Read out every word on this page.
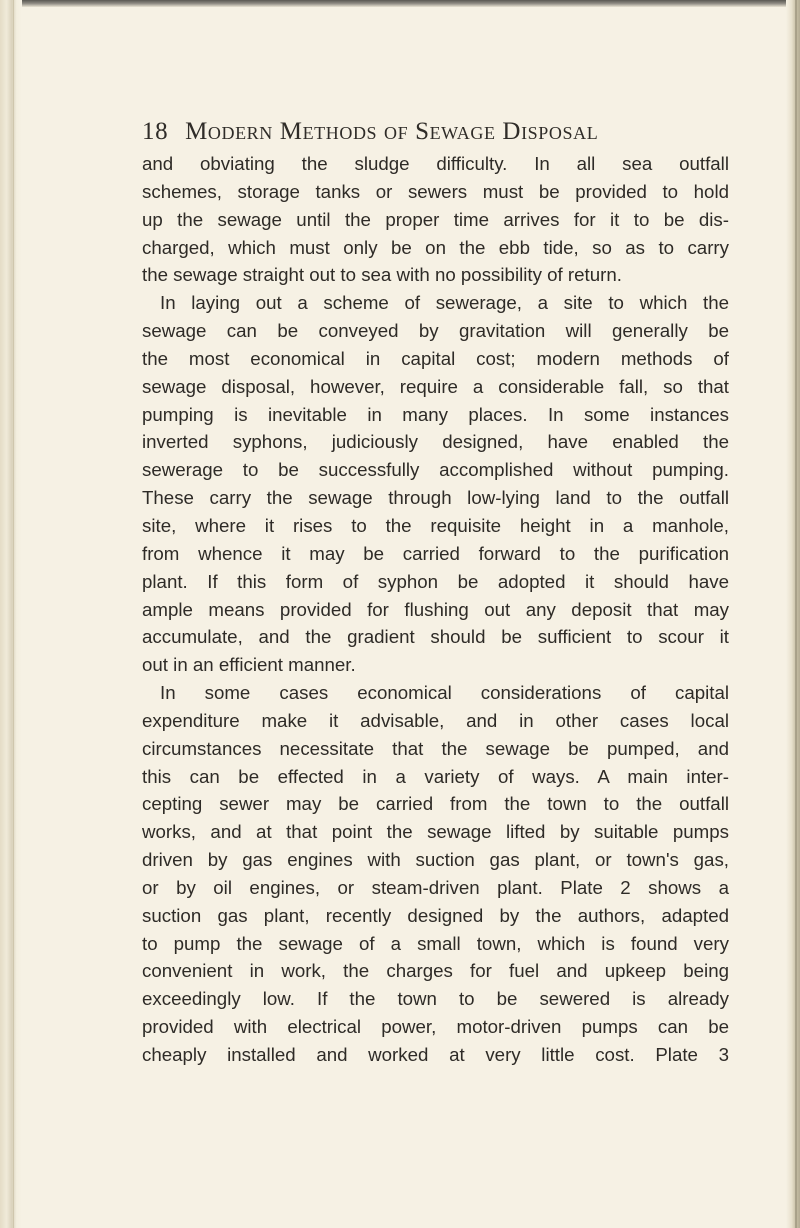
18 Modern Methods of Sewage Disposal
and obviating the sludge difficulty. In all sea outfall
schemes, storage tanks or sewers must be provided to hold
up the sewage until the proper time arrives for it to be dis-
charged, which must only be on the ebb tide, so as to carry
the sewage straight out to sea with no possibility of return.
In laying out a scheme of sewerage, a site to which the
sewage can be conveyed by gravitation will generally be
the most economical in capital cost; modern methods of
sewage disposal, however, require a considerable fall, so that
pumping is inevitable in many places. In some instances
inverted syphons, judiciously designed, have enabled the
sewerage to be successfully accomplished without pumping.
These carry the sewage through low-lying land to the outfall
site, where it rises to the requisite height in a manhole,
from whence it may be carried forward to the purification
plant. If this form of syphon be adopted it should have
ample means provided for flushing out any deposit that may
accumulate, and the gradient should be sufficient to scour it
out in an efficient manner.
In some cases economical considerations of capital
expenditure make it advisable, and in other cases local
circumstances necessitate that the sewage be pumped, and
this can be effected in a variety of ways. A main inter-
cepting sewer may be carried from the town to the outfall
works, and at that point the sewage lifted by suitable pumps
driven by gas engines with suction gas plant, or town's gas,
or by oil engines, or steam-driven plant. Plate 2 shows a
suction gas plant, recently designed by the authors, adapted
to pump the sewage of a small town, which is found very
convenient in work, the charges for fuel and upkeep being
exceedingly low. If the town to be sewered is already
provided with electrical power, motor-driven pumps can be
cheaply installed and worked at very little cost. Plate 3
